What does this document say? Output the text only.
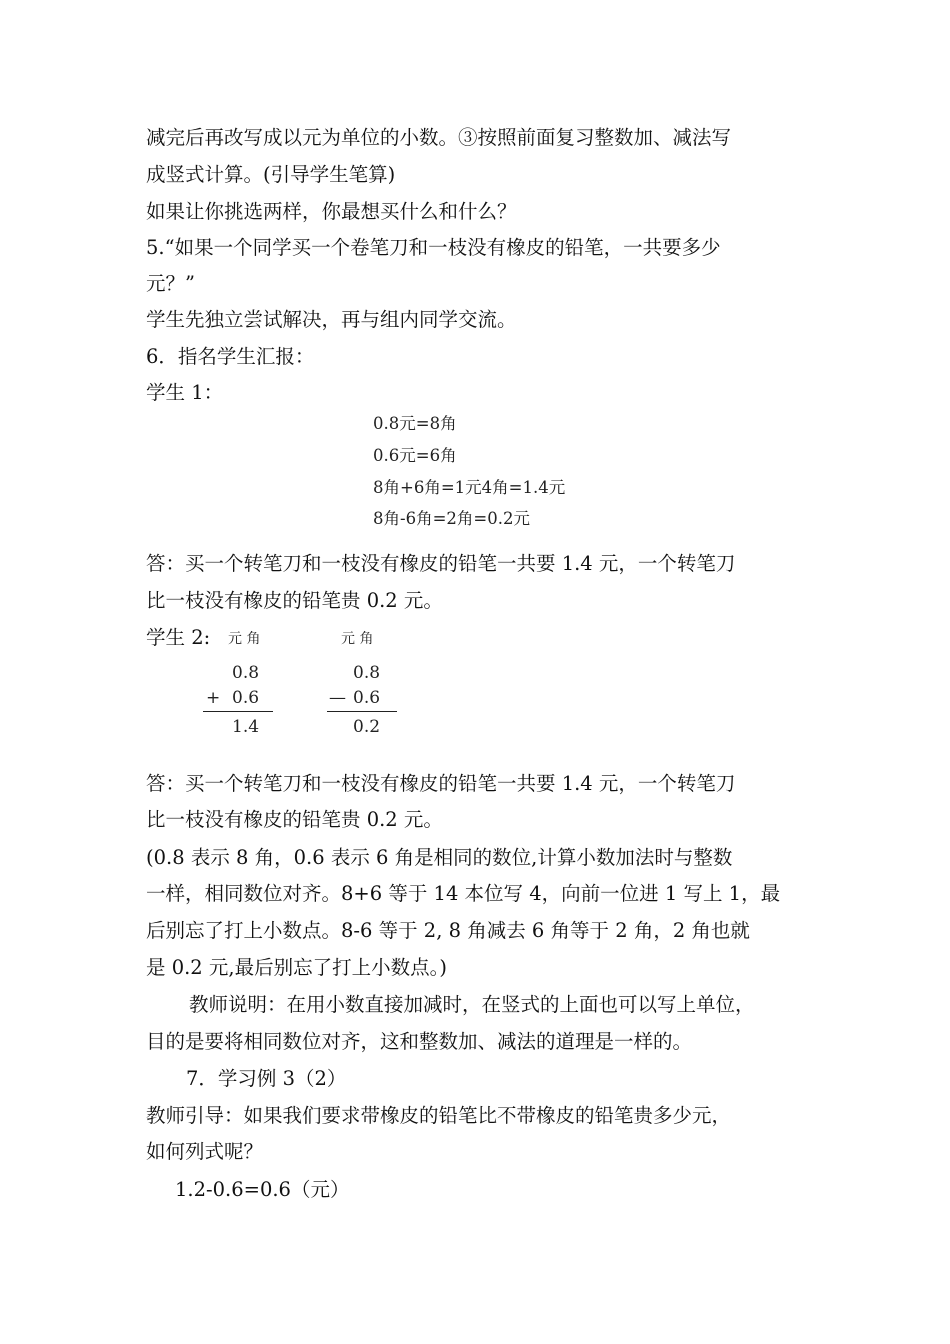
减完后再改写成以元为单位的小数。③按照前面复习整数加、减法写
成竖式计算。(引导学生笔算)
如果让你挑选两样，你最想买什么和什么？
5.“如果一个同学买一个卷笔刀和一枝没有橡皮的铅笔，一共要多少
元？”
学生先独立尝试解决，再与组内同学交流。
6．指名学生汇报：
学生 1：
0.8元=8角
0.6元=6角
8角+6角=1元4角=1.4元
8角-6角=2角=0.2元
答：买一个转笔刀和一枝没有橡皮的铅笔一共要 1.4 元，一个转笔刀
比一枝没有橡皮的铅笔贵 0.2 元。
学生 2: 元 角
0.8
+ 0.6
1.4
元 角
0.8
— 0.6
0.2
答：买一个转笔刀和一枝没有橡皮的铅笔一共要 1.4 元，一个转笔刀
比一枝没有橡皮的铅笔贵 0.2 元。
(0.8 表示 8 角，0.6 表示 6 角是相同的数位,计算小数加法时与整数
一样，相同数位对齐。8+6 等于 14 本位写 4，向前一位进 1 写上 1，最
后别忘了打上小数点。8-6 等于 2, 8 角减去 6 角等于 2 角，2 角也就
是 0.2 元,最后别忘了打上小数点。)
教师说明：在用小数直接加减时，在竖式的上面也可以写上单位，
目的是要将相同数位对齐，这和整数加、减法的道理是一样的。
7．学习例 3（2）
教师引导：如果我们要求带橡皮的铅笔比不带橡皮的铅笔贵多少元，
如何列式呢？
1.2-0.6=0.6（元）
